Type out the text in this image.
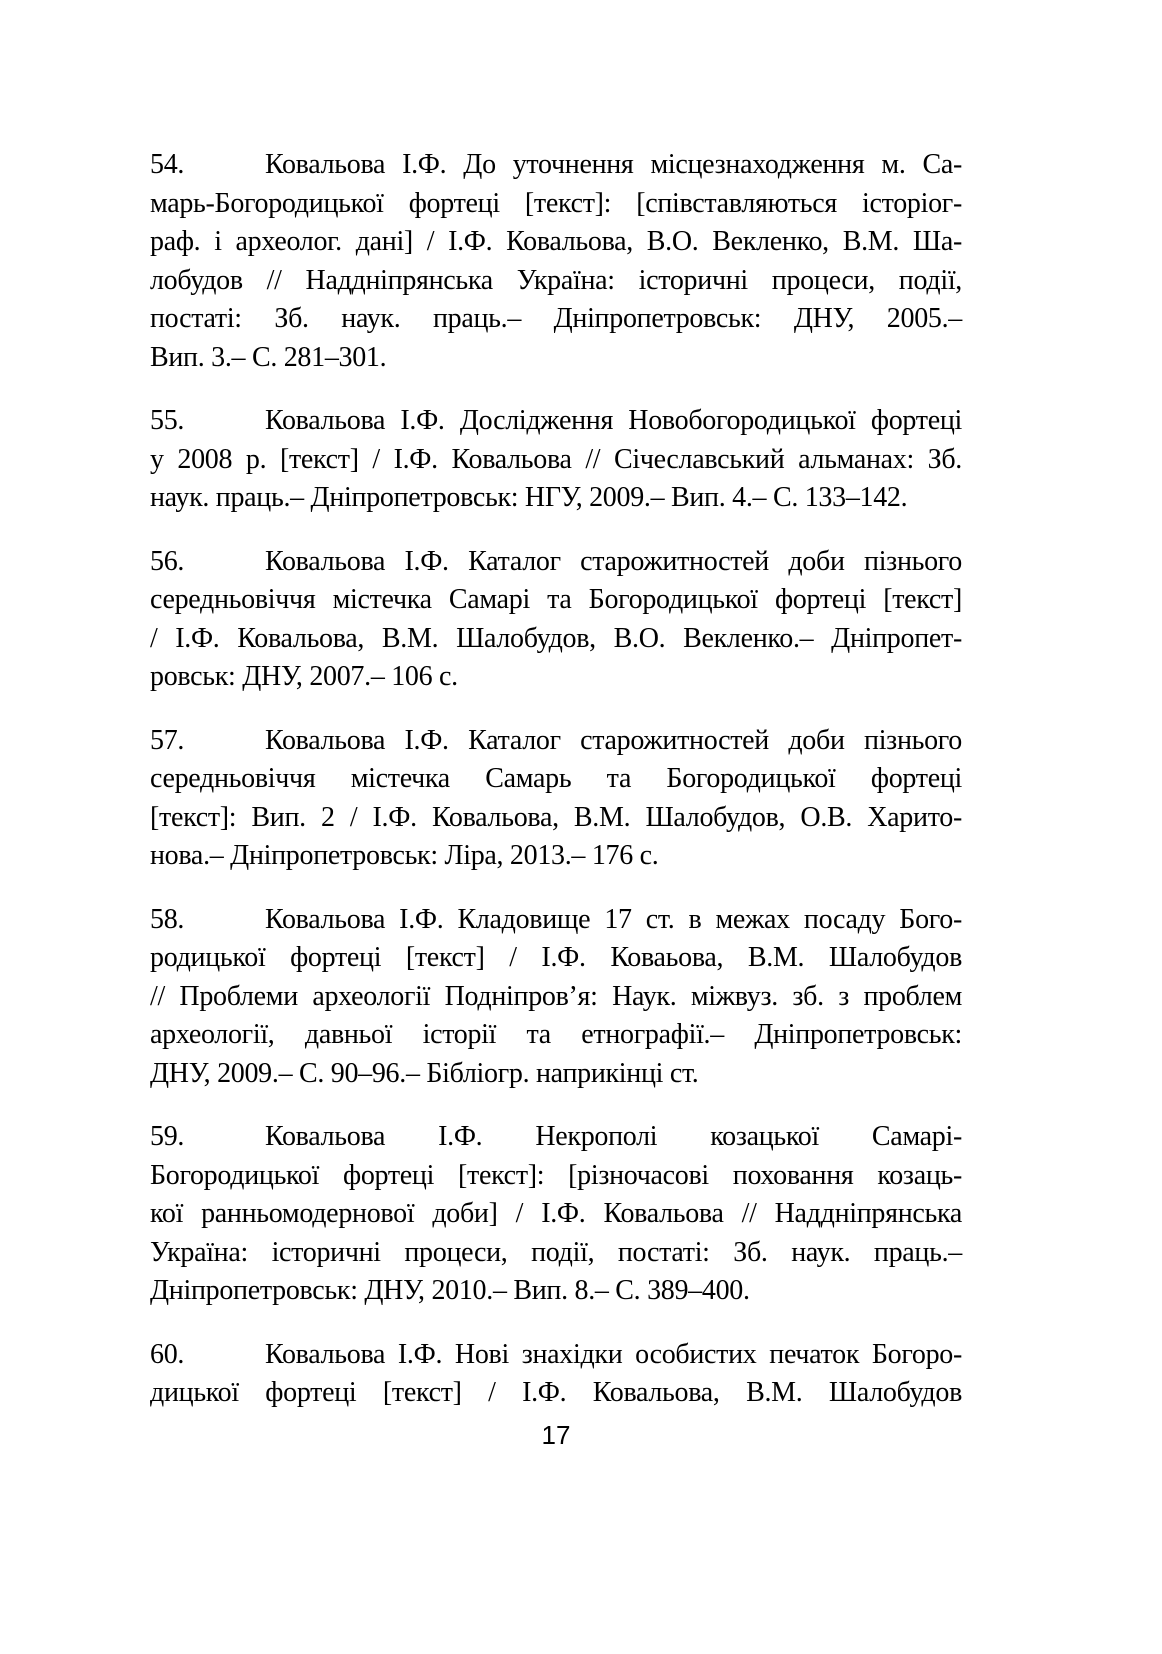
54.	Ковальова І.Ф. До уточнення місцезнаходження м. Са-
марь-Богородицької фортеці [текст]: [співставляються історіог-
раф. і археолог. дані] / І.Ф. Ковальова, В.О. Векленко, В.М. Ша-
лобудов // Наддніпрянська Україна: історичні процеси, події,
постаті: Зб. наук. праць.– Дніпропетровськ: ДНУ, 2005.–
Вип. 3.– С. 281–301.
55.	Ковальова І.Ф. Дослідження Новобогородицької фортеці
у 2008 р. [текст] / І.Ф. Ковальова // Січеславський альманах: Зб.
наук. праць.– Дніпропетровськ: НГУ, 2009.– Вип. 4.– С. 133–142.
56.	Ковальова І.Ф. Каталог старожитностей доби пізнього
середньовіччя містечка Самарі та Богородицької фортеці [текст]
/ І.Ф. Ковальова, В.М. Шалобудов, В.О. Векленко.– Дніпропет-
ровськ: ДНУ, 2007.– 106 с.
57.	Ковальова І.Ф. Каталог старожитностей доби пізнього
середньовіччя містечка Самарь та Богородицької фортеці
[текст]: Вип. 2 / І.Ф. Ковальова, В.М. Шалобудов, О.В. Харито-
нова.– Дніпропетровськ: Ліра, 2013.– 176 с.
58.	Ковальова І.Ф. Кладовище 17 ст. в межах посаду Бого-
родицької фортеці [текст] / І.Ф. Коваьова, В.М. Шалобудов
// Проблеми археології Подніпров’я: Наук. міжвуз. зб. з проблем
археології, давньої історії та етнографії.– Дніпропетровськ:
ДНУ, 2009.– С. 90–96.– Бібліогр. наприкінці ст.
59.	Ковальова І.Ф. Некрополі козацької Самарі-
Богородицької фортеці [текст]: [різночасові поховання козаць-
кої ранньомодернової доби] / І.Ф. Ковальова // Наддніпрянська
Україна: історичні процеси, події, постаті: Зб. наук. праць.–
Дніпропетровськ: ДНУ, 2010.– Вип. 8.– С. 389–400.
60.	Ковальова І.Ф. Нові знахідки особистих печаток Богоро-
дицької фортеці [текст] / І.Ф. Ковальова, В.М. Шалобудов
17
